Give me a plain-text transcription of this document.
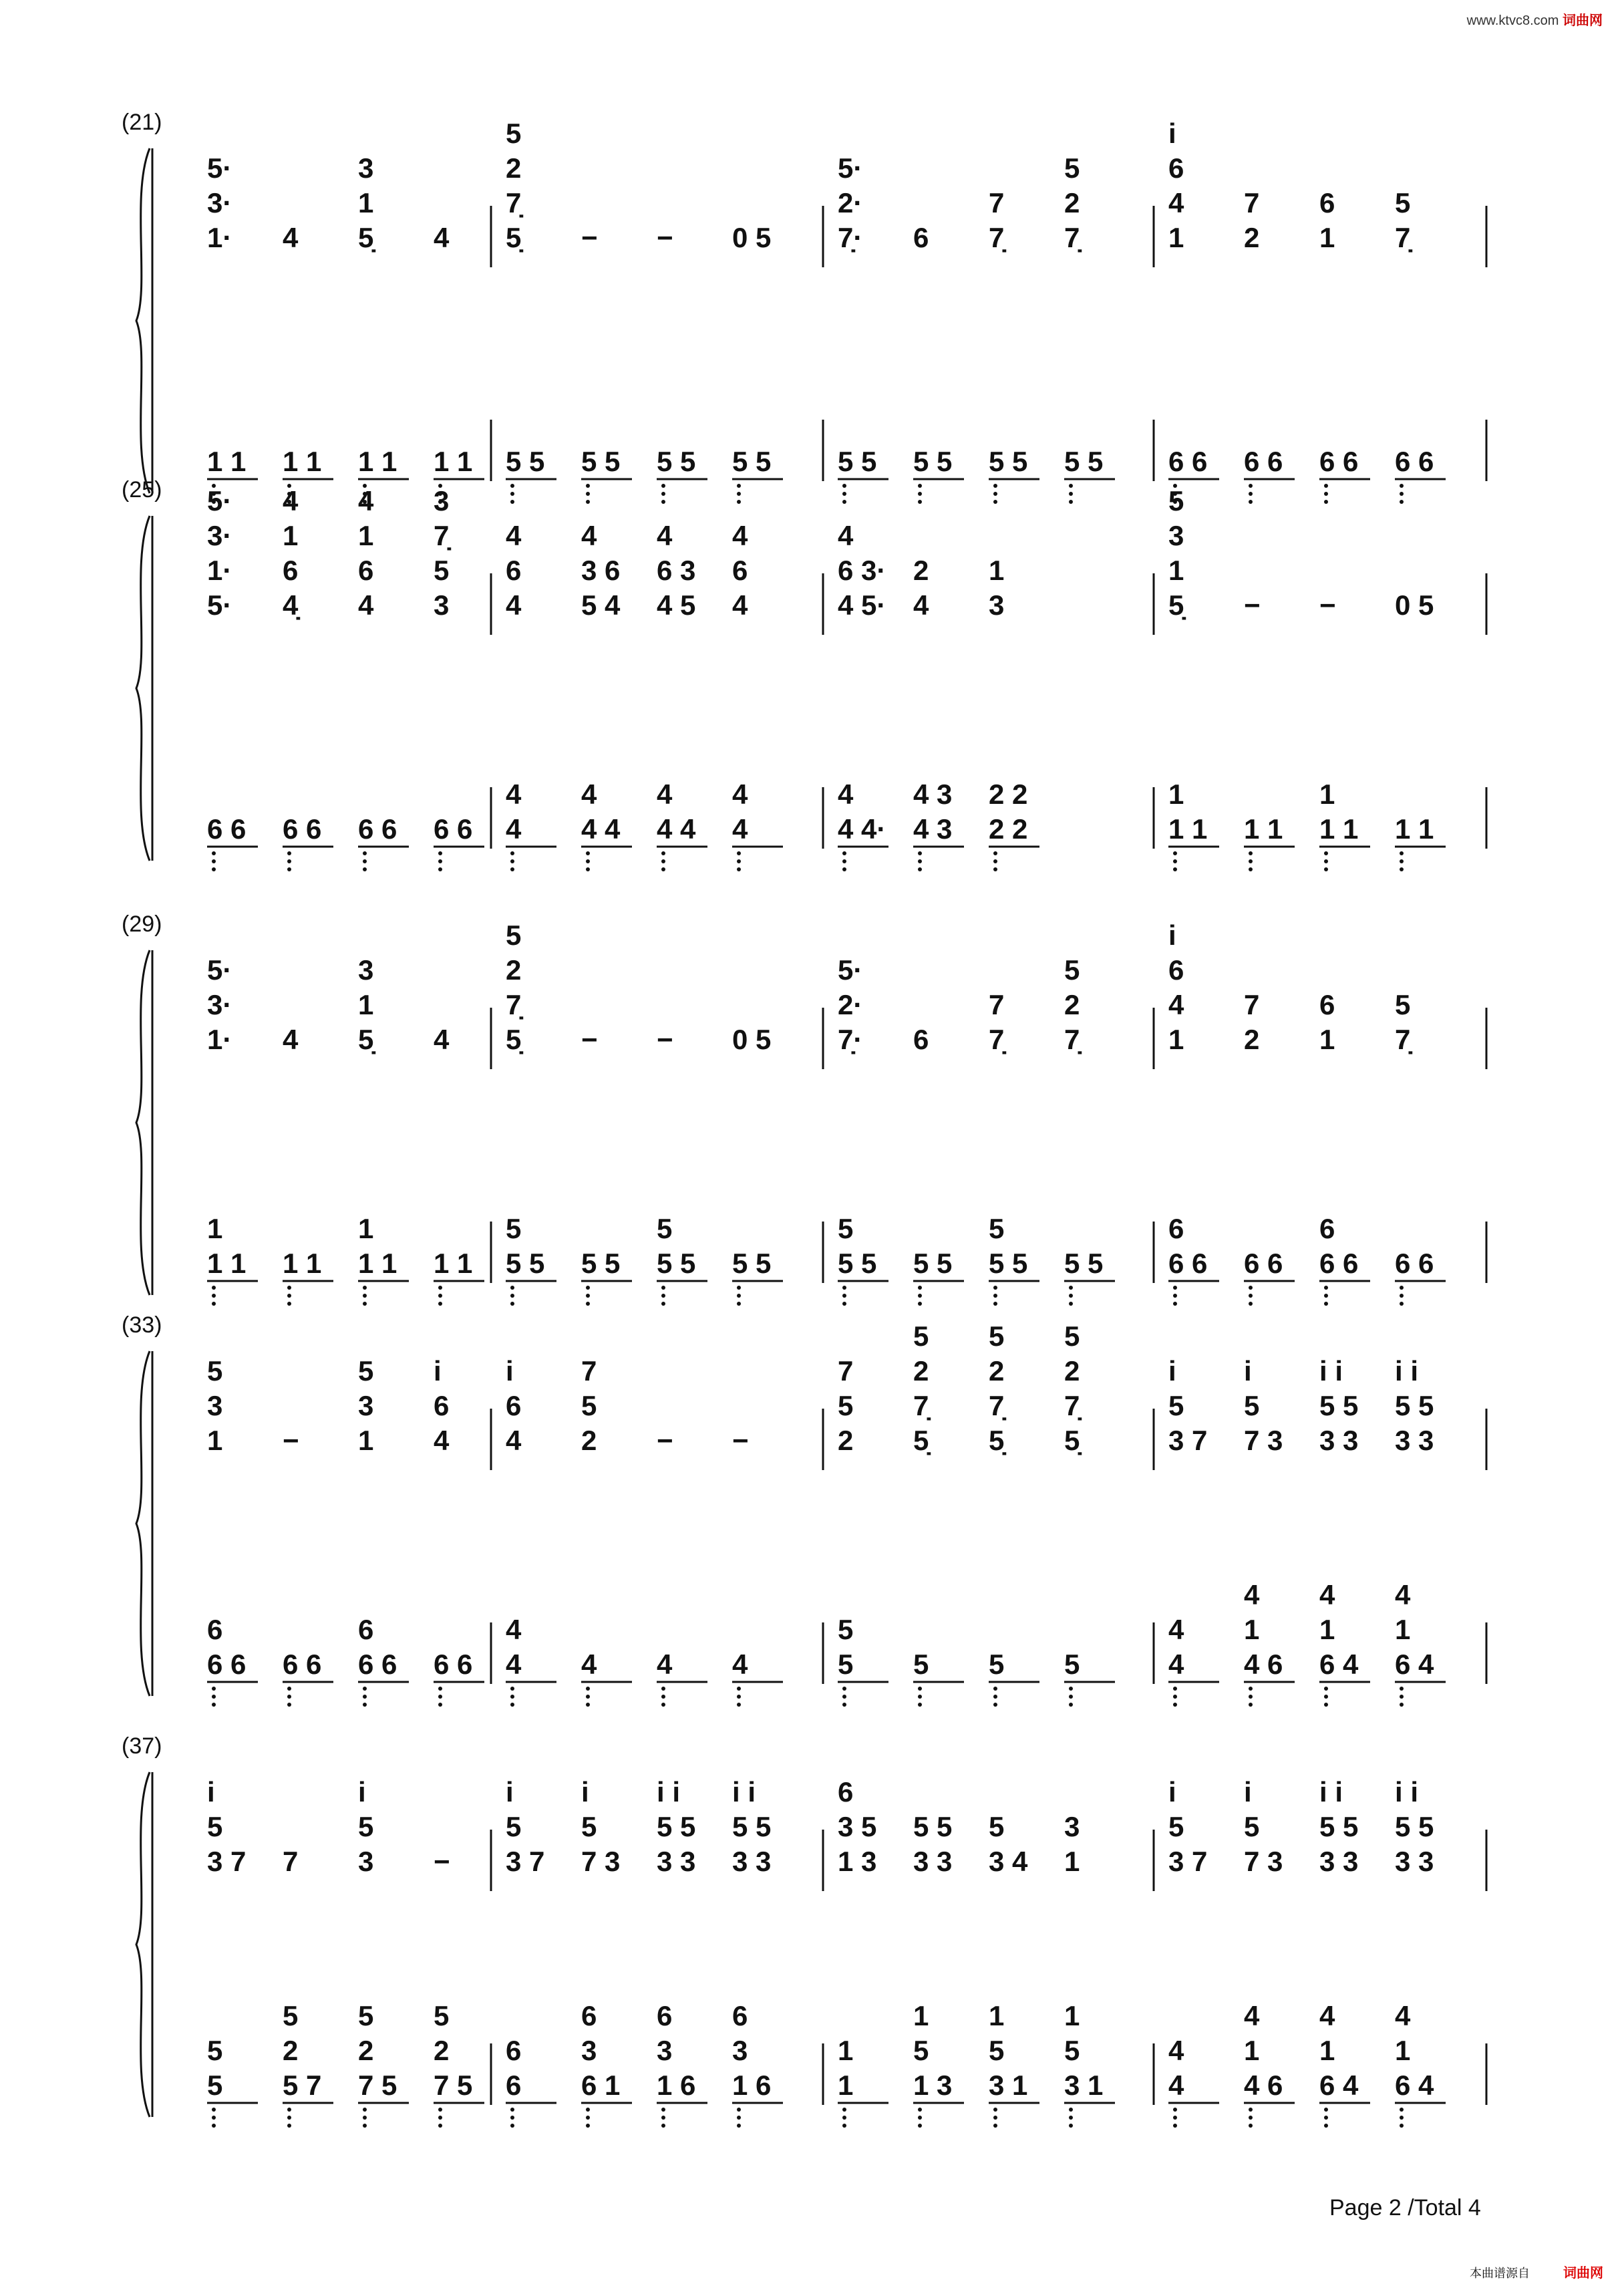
(21)
5·
3·
1· 4
3
1
5̣ 4
5
2
7̣
5̣ − − 0 5
5·
2·
7̣· 6
7
7̣
5
2
7̣
i
6
4
1
7
2
6
1
5
7̣
1 1 1 1 1 1 1 1 5 5 5 5 5 5 5 5 5 5 5 5 5 5 5 5 6 6 6 6 6 6 6 6
(25) 5·
3·
1·
5·
4
1
6
4̣
4
1
6
4
3
7̣
5
3
4
6
4
4
3 6
5 4
4
6 3
4 5
4
6
4
4
6 3·
4 5·
2
4
1
3
5
3
1
5̣ − − 0 5
6 6 6 6 6 6 6 6
4
4
4
4 4
4
4 4
4
4
4
4 4·
4 3
4 3
2 2
2 2
1
1 1 1 1
1
1 1 1 1
(29)
5·
3·
1· 4
3
1
5̣ 4
5
2
7̣
5̣ − − 0 5
5·
2·
7̣· 6
7
7̣
5
2
7̣
i
6
4
1
7
2
6
1
5
7̣
1
1 1 1 1
1
1 1 1 1
5
5 5 5 5
5
5 5 5 5
5
5 5 5 5
5
5 5 5 5
6
6 6 6 6
6
6 6 6 6
(33)
5
3
1 −
5
3
1
i
6
4
i
6
4
7
5
2 − −
7
5
2
5
2
7̣
5̣
5
2
7̣
5̣
5
2
7̣
5̣
i
5
3 7
i
5
7 3
i i
5 5
3 3
i i
5 5
3 3
6
6 6 6 6
6
6 6 6 6
4
4 4 4 4
5
5 5 5 5
4
4
4
1
4 6
4
1
6 4
4
1
6 4
(37)
i
5
3 7 7
i
5
3 −
i
5
3 7
i
5
7 3
i i
5 5
3 3
i i
5 5
3 3
6
3 5
1 3
5 5
3 3
5
3 4
3
1
i
5
3 7
i
5
7 3
i i
5 5
3 3
i i
5 5
3 3
5
5
5
2
5 7
5
2
7 5
5
2
7 5
6
6
6
3
6 1
6
3
1 6
6
3
1 6
1
1
1
5
1 3
1
5
3 1
1
5
3 1
4
4
4
1
4 6
4
1
6 4
4
1
6 4
www.ktvc8.com 词曲网
Page 2 /Total 4
本曲谱源自	词曲网
